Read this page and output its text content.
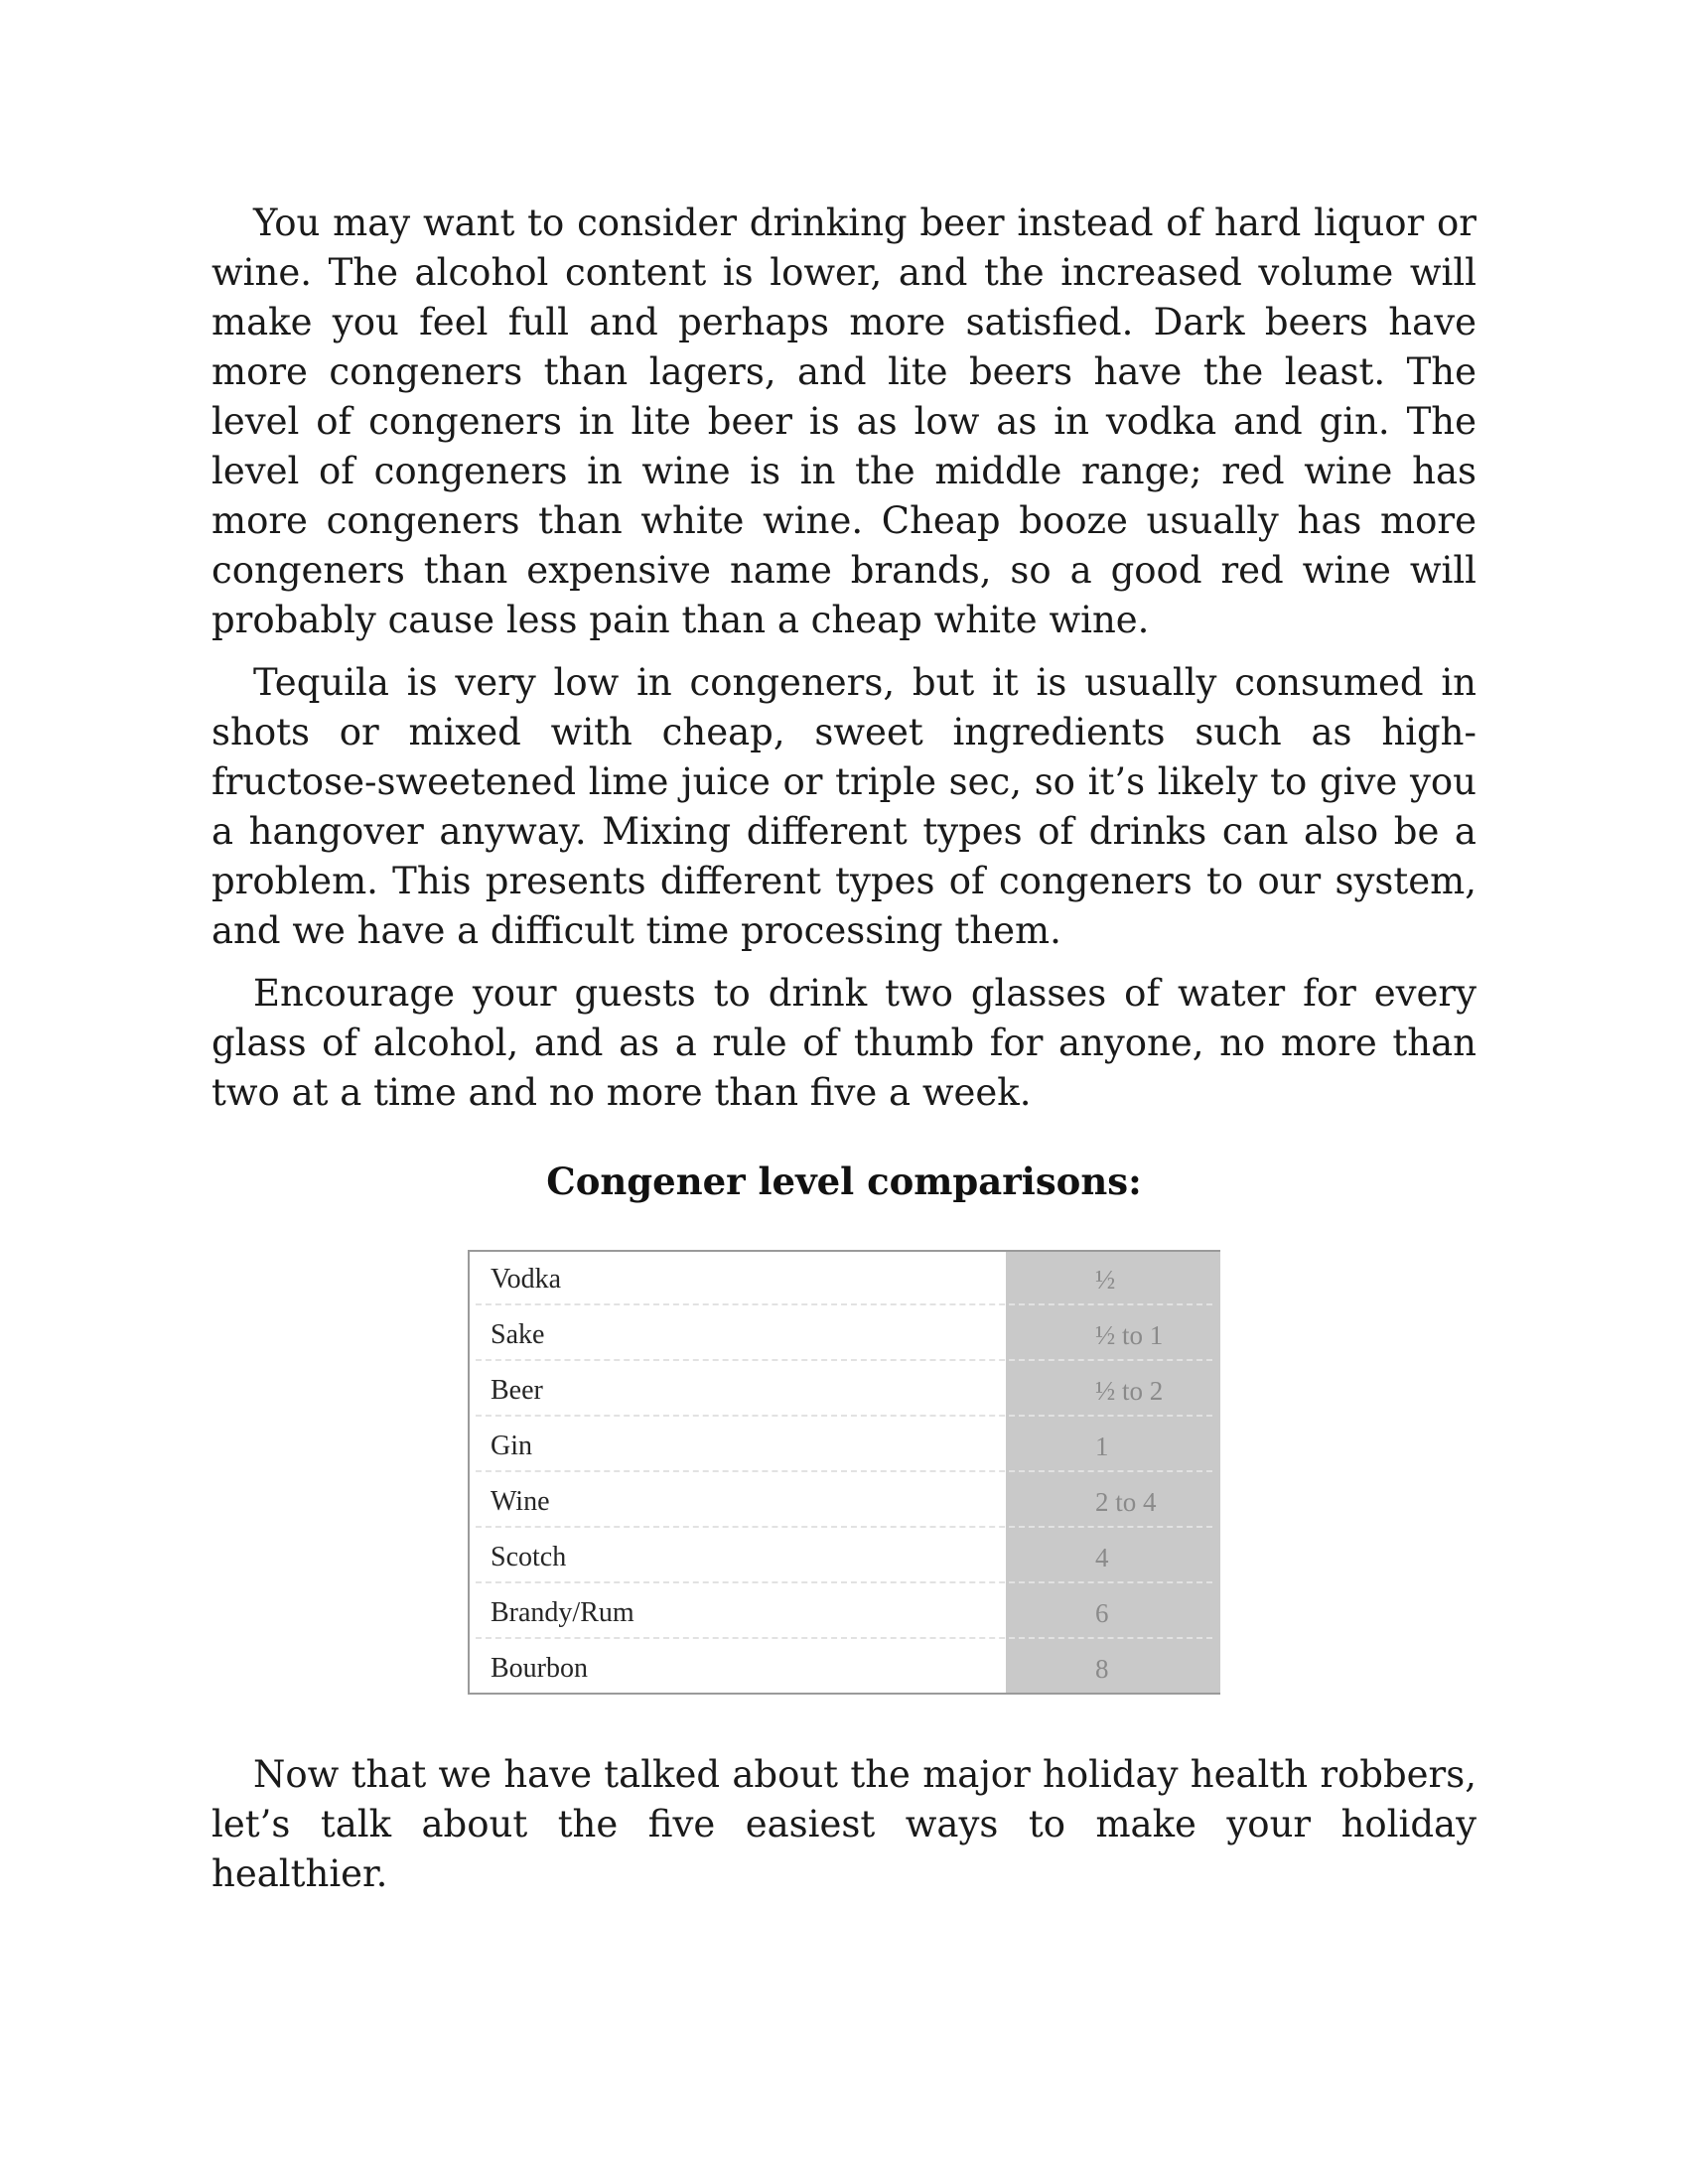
You may want to consider drinking beer instead of hard liquor or wine. The alcohol content is lower, and the increased volume will make you feel full and perhaps more satisfied. Dark beers have more congeners than lagers, and lite beers have the least. The level of congeners in lite beer is as low as in vodka and gin. The level of congeners in wine is in the middle range; red wine has more congeners than white wine. Cheap booze usually has more congeners than expensive name brands, so a good red wine will probably cause less pain than a cheap white wine.

Tequila is very low in congeners, but it is usually consumed in shots or mixed with cheap, sweet ingredients such as high-fructose-sweetened lime juice or triple sec, so it’s likely to give you a hangover anyway. Mixing different types of drinks can also be a problem. This presents different types of congeners to our system, and we have a difficult time processing them.

Encourage your guests to drink two glasses of water for every glass of alcohol, and as a rule of thumb for anyone, no more than two at a time and no more than five a week.

Congener level comparisons:
Vodka	½
Sake	½ to 1
Beer	½ to 2
Gin	1
Wine	2 to 4
Scotch	4
Brandy/Rum	6
Bourbon	8

Now that we have talked about the major holiday health robbers, let’s talk about the five easiest ways to make your holiday healthier.
